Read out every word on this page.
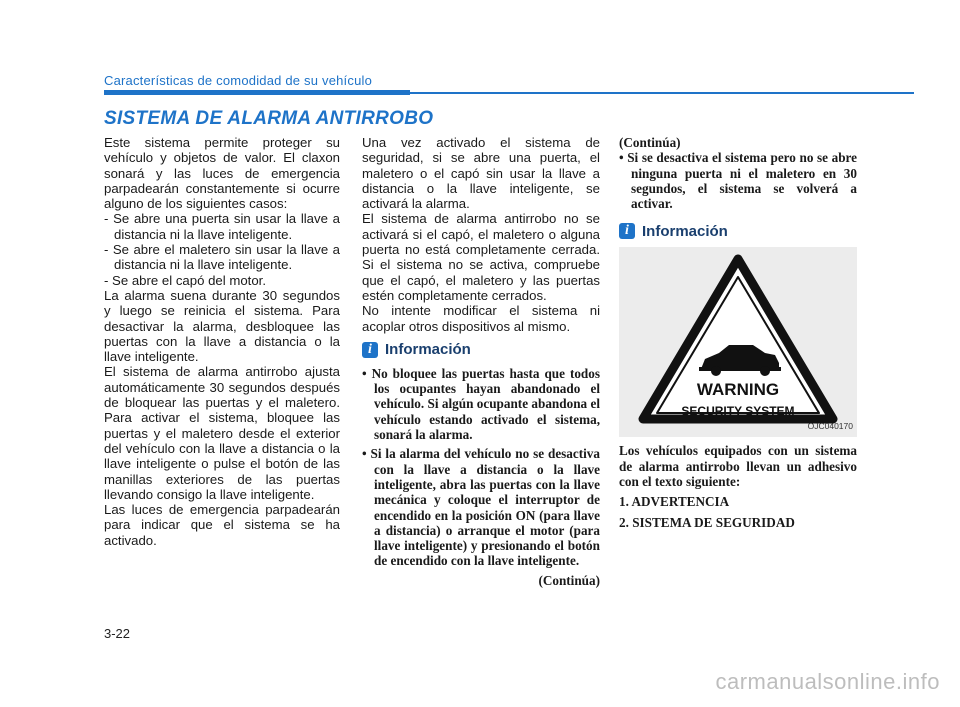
Características de comodidad de su vehículo
SISTEMA DE ALARMA ANTIRROBO

Este sistema permite proteger su vehículo y objetos de valor. El claxon sonará y las luces de emergencia parpadearán constantemente si ocurre alguno de los siguientes casos:

- Se abre una puerta sin usar la llave a distancia ni la llave inteligente.

- Se abre el maletero sin usar la llave a distancia ni la llave inteligente.

- Se abre el capó del motor.

La alarma suena durante 30 segundos y luego se reinicia el sistema. Para desactivar la alarma, desbloquee las puertas con la llave a distancia o la llave inteligente.

El sistema de alarma antirrobo ajusta automáticamente 30 segundos después de bloquear las puertas y el maletero. Para activar el sistema, bloquee las puertas y el maletero desde el exterior del vehículo con la llave a distancia o la llave inteligente o pulse el botón de las manillas exteriores de las puertas llevando consigo la llave inteligente.

Las luces de emergencia parpadearán para indicar que el sistema se ha activado.

Una vez activado el sistema de seguridad, si se abre una puerta, el maletero o el capó sin usar la llave a distancia o la llave inteligente, se activará la alarma.

El sistema de alarma antirrobo no se activará si el capó, el maletero o alguna puerta no está completamente cerrada. Si el sistema no se activa, compruebe que el capó, el maletero y las puertas estén completamente cerrados.

No intente modificar el sistema ni acoplar otros dispositivos al mismo.

i Información

• No bloquee las puertas hasta que todos los ocupantes hayan abandonado el vehículo. Si algún ocupante abandona el vehículo estando activado el sistema, sonará la alarma.

• Si la alarma del vehículo no se desactiva con la llave a distancia o la llave inteligente, abra las puertas con la llave mecánica y coloque el interruptor de encendido en la posición ON (para llave a distancia) o arranque el motor (para llave inteligente) y presionando el botón de encendido con la llave inteligente.

(Continúa)

(Continúa)

• Si se desactiva el sistema pero no se abre ninguna puerta ni el maletero en 30 segundos, el sistema se volverá a activar.

i Información
WARNING
SECURITY SYSTEM
OJC040170

Los vehículos equipados con un sistema de alarma antirrobo llevan un adhesivo con el texto siguiente:

1. ADVERTENCIA

2. SISTEMA DE SEGURIDAD

3-22
carmanualsonline.info
